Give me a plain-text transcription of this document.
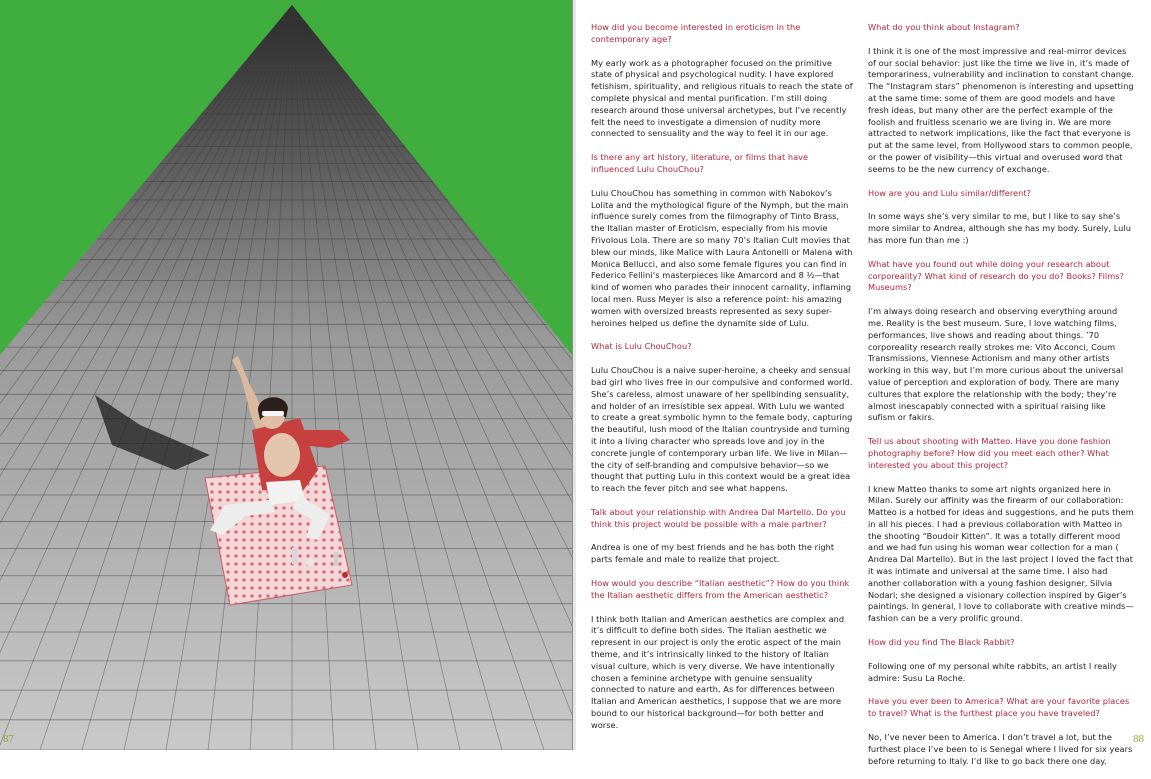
87
How did you become interested in eroticism in the contemporary age?
My early work as a photographer focused on the primitive state of physical and psychological nudity. I have explored fetishism, spirituality, and religious rituals to reach the state of complete physical and mental purification. I’m still doing research around those universal archetypes, but I’ve recently felt the need to investigate a dimension of nudity more connected to sensuality and the way to feel it in our age.
Is there any art history, literature, or films that have influenced Lulu ChouChou?
Lulu ChouChou has something in common with Nabokov’s Lolita and the mythological figure of the Nymph, but the main influence surely comes from the filmography of Tinto Brass, the Italian master of Eroticism, especially from his movie Frivolous Lola. There are so many 70’s Italian Cult movies that blew our minds, like Malice with Laura Antonelli or Malena with Monica Bellucci, and also some female figures you can find in Federico Fellini’s masterpieces like Amarcord and 8 ½—that kind of women who parades their innocent carnality, inflaming local men. Russ Meyer is also a reference point: his amazing women with oversized breasts represented as sexy super-heroines helped us define the dynamite side of Lulu.
What is Lulu ChouChou?
Lulu ChouChou is a naive super-heroine, a cheeky and sensual bad girl who lives free in our compulsive and conformed world. She’s careless, almost unaware of her spellbinding sensuality, and holder of an irresistible sex appeal. With Lulu we wanted to create a great symbolic hymn to the female body, capturing the beautiful, lush mood of the Italian countryside and turning it into a living character who spreads love and joy in the concrete jungle of contemporary urban life. We live in Milan—the city of self-branding and compulsive behavior—so we thought that putting Lulu in this context would be a great idea to reach the fever pitch and see what happens.
Talk about your relationship with Andrea Dal Martello. Do you think this project would be possible with a male partner?
Andrea is one of my best friends and he has both the right parts female and male to realize that project.
How would you describe “Italian aesthetic”? How do you think the Italian aesthetic differs from the American aesthetic?
I think both Italian and American aesthetics are complex and it’s difficult to define both sides. The Italian aesthetic we represent in our project is only the erotic aspect of the main theme, and it’s intrinsically linked to the history of Italian visual culture, which is very diverse. We have intentionally chosen a feminine archetype with genuine sensuality connected to nature and earth. As for differences between Italian and American aesthetics, I suppose that we are more bound to our historical background—for both better and worse.
What do you think about Instagram?
I think it is one of the most impressive and real-mirror devices of our social behavior: just like the time we live in, it’s made of temporariness, vulnerability and inclination to constant change. The “Instagram stars” phenomenon is interesting and upsetting at the same time: some of them are good models and have fresh ideas, but many other are the perfect example of the foolish and fruitless scenario we are living in. We are more attracted to network implications, like the fact that everyone is put at the same level, from Hollywood stars to common people, or the power of visibility—this virtual and overused word that seems to be the new currency of exchange.
How are you and Lulu similar/different?
In some ways she’s very similar to me, but I like to say she’s more similar to Andrea, although she has my body. Surely, Lulu has more fun than me :)
What have you found out while doing your research about corporeality? What kind of research do you do? Books? Films? Museums?
I’m always doing research and observing everything around me. Reality is the best museum. Sure, I love watching films, performances, live shows and reading about things. ’70 corporeality research really strokes me: Vito Acconci, Coum Transmissions, Viennese Actionism and many other artists working in this way, but I’m more curious about the universal value of perception and exploration of body. There are many cultures that explore the relationship with the body; they’re almost inescapably connected with a spiritual raising like sufism or fakirs.
Tell us about shooting with Matteo. Have you done fashion photography before? How did you meet each other? What interested you about this project?
I knew Matteo thanks to some art nights organized here in Milan. Surely our affinity was the firearm of our collaboration: Matteo is a hotbed for ideas and suggestions, and he puts them in all his pieces. I had a previous collaboration with Matteo in the shooting “Boudoir Kitten”. It was a totally different mood and we had fun using his woman wear collection for a man ( Andrea Dal Martello). But in the last project I loved the fact that it was intimate and universal at the same time. I also had another collaboration with a young fashion designer, Silvia Nodari; she designed a visionary collection inspired by Giger’s paintings. In general, I love to collaborate with creative minds—fashion can be a very prolific ground.
How did you find The Black Rabbit?
Following one of my personal white rabbits, an artist I really admire: Susu La Roche.
Have you ever been to America? What are your favorite places to travel? What is the furthest place you have traveled?
No, I’ve never been to America. I don’t travel a lot, but the furthest place I’ve been to is Senegal where I lived for six years before returning to Italy. I’d like to go back there one day.
88
